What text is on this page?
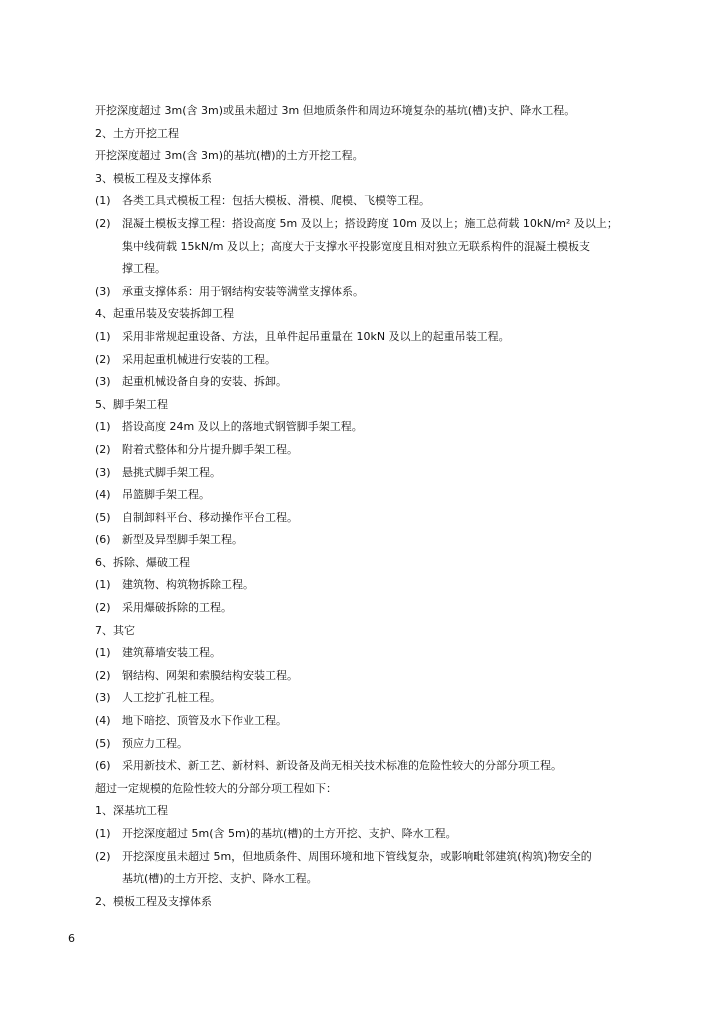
开挖深度超过 3m(含 3m)或虽未超过 3m 但地质条件和周边环境复杂的基坑(槽)支护、降水工程。
2、土方开挖工程
开挖深度超过 3m(含 3m)的基坑(槽)的土方开挖工程。
3、模板工程及支撑体系
(1) 各类工具式模板工程：包括大模板、滑模、爬模、飞模等工程。
(2) 混凝土模板支撑工程：搭设高度 5m 及以上；搭设跨度 10m 及以上；施工总荷载 10kN/m² 及以上；
集中线荷载 15kN/m 及以上；高度大于支撑水平投影宽度且相对独立无联系构件的混凝土模板支
撑工程。
(3) 承重支撑体系：用于钢结构安装等满堂支撑体系。
4、起重吊装及安装拆卸工程
(1) 采用非常规起重设备、方法，且单件起吊重量在 10kN 及以上的起重吊装工程。
(2) 采用起重机械进行安装的工程。
(3) 起重机械设备自身的安装、拆卸。
5、脚手架工程
(1) 搭设高度 24m 及以上的落地式钢管脚手架工程。
(2) 附着式整体和分片提升脚手架工程。
(3) 悬挑式脚手架工程。
(4) 吊篮脚手架工程。
(5) 自制卸料平台、移动操作平台工程。
(6) 新型及异型脚手架工程。
6、拆除、爆破工程
(1) 建筑物、构筑物拆除工程。
(2) 采用爆破拆除的工程。
7、其它
(1) 建筑幕墙安装工程。
(2) 钢结构、网架和索膜结构安装工程。
(3) 人工挖扩孔桩工程。
(4) 地下暗挖、顶管及水下作业工程。
(5) 预应力工程。
(6) 采用新技术、新工艺、新材料、新设备及尚无相关技术标准的危险性较大的分部分项工程。
超过一定规模的危险性较大的分部分项工程如下：
1、深基坑工程
(1) 开挖深度超过 5m(含 5m)的基坑(槽)的土方开挖、支护、降水工程。
(2) 开挖深度虽未超过 5m，但地质条件、周围环境和地下管线复杂，或影响毗邻建筑(构筑)物安全的
基坑(槽)的土方开挖、支护、降水工程。
2、模板工程及支撑体系
6
